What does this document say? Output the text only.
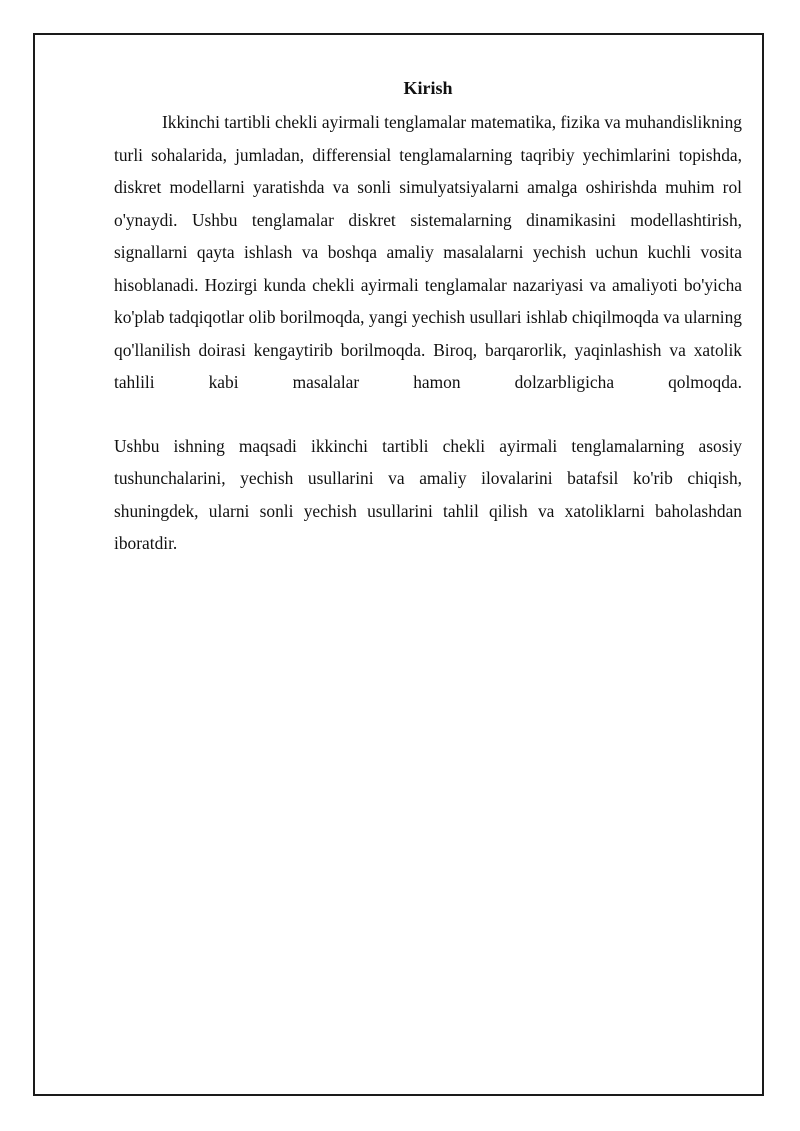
Kirish

Ikkinchi tartibli chekli ayirmali tenglamalar matematika, fizika va muhandislikning turli sohalarida, jumladan, differensial tenglamalarning taqribiy yechimlarini topishda, diskret modellarni yaratishda va sonli simulyatsiyalarni amalga oshirishda muhim rol o'ynaydi. Ushbu tenglamalar diskret sistemalarning dinamikasini modellashtirish, signallarni qayta ishlash va boshqa amaliy masalalarni yechish uchun kuchli vosita hisoblanadi. Hozirgi kunda chekli ayirmali tenglamalar nazariyasi va amaliyoti bo'yicha ko'plab tadqiqotlar olib borilmoqda, yangi yechish usullari ishlab chiqilmoqda va ularning qo'llanilish doirasi kengaytirib borilmoqda. Biroq, barqarorlik, yaqinlashish va xatolik tahlili kabi masalalar hamon dolzarbligicha qolmoqda.

Ushbu ishning maqsadi ikkinchi tartibli chekli ayirmali tenglamalarning asosiy tushunchalarini, yechish usullarini va amaliy ilovalarini batafsil ko'rib chiqish, shuningdek, ularni sonli yechish usullarini tahlil qilish va xatoliklarni baholashdan iboratdir.
